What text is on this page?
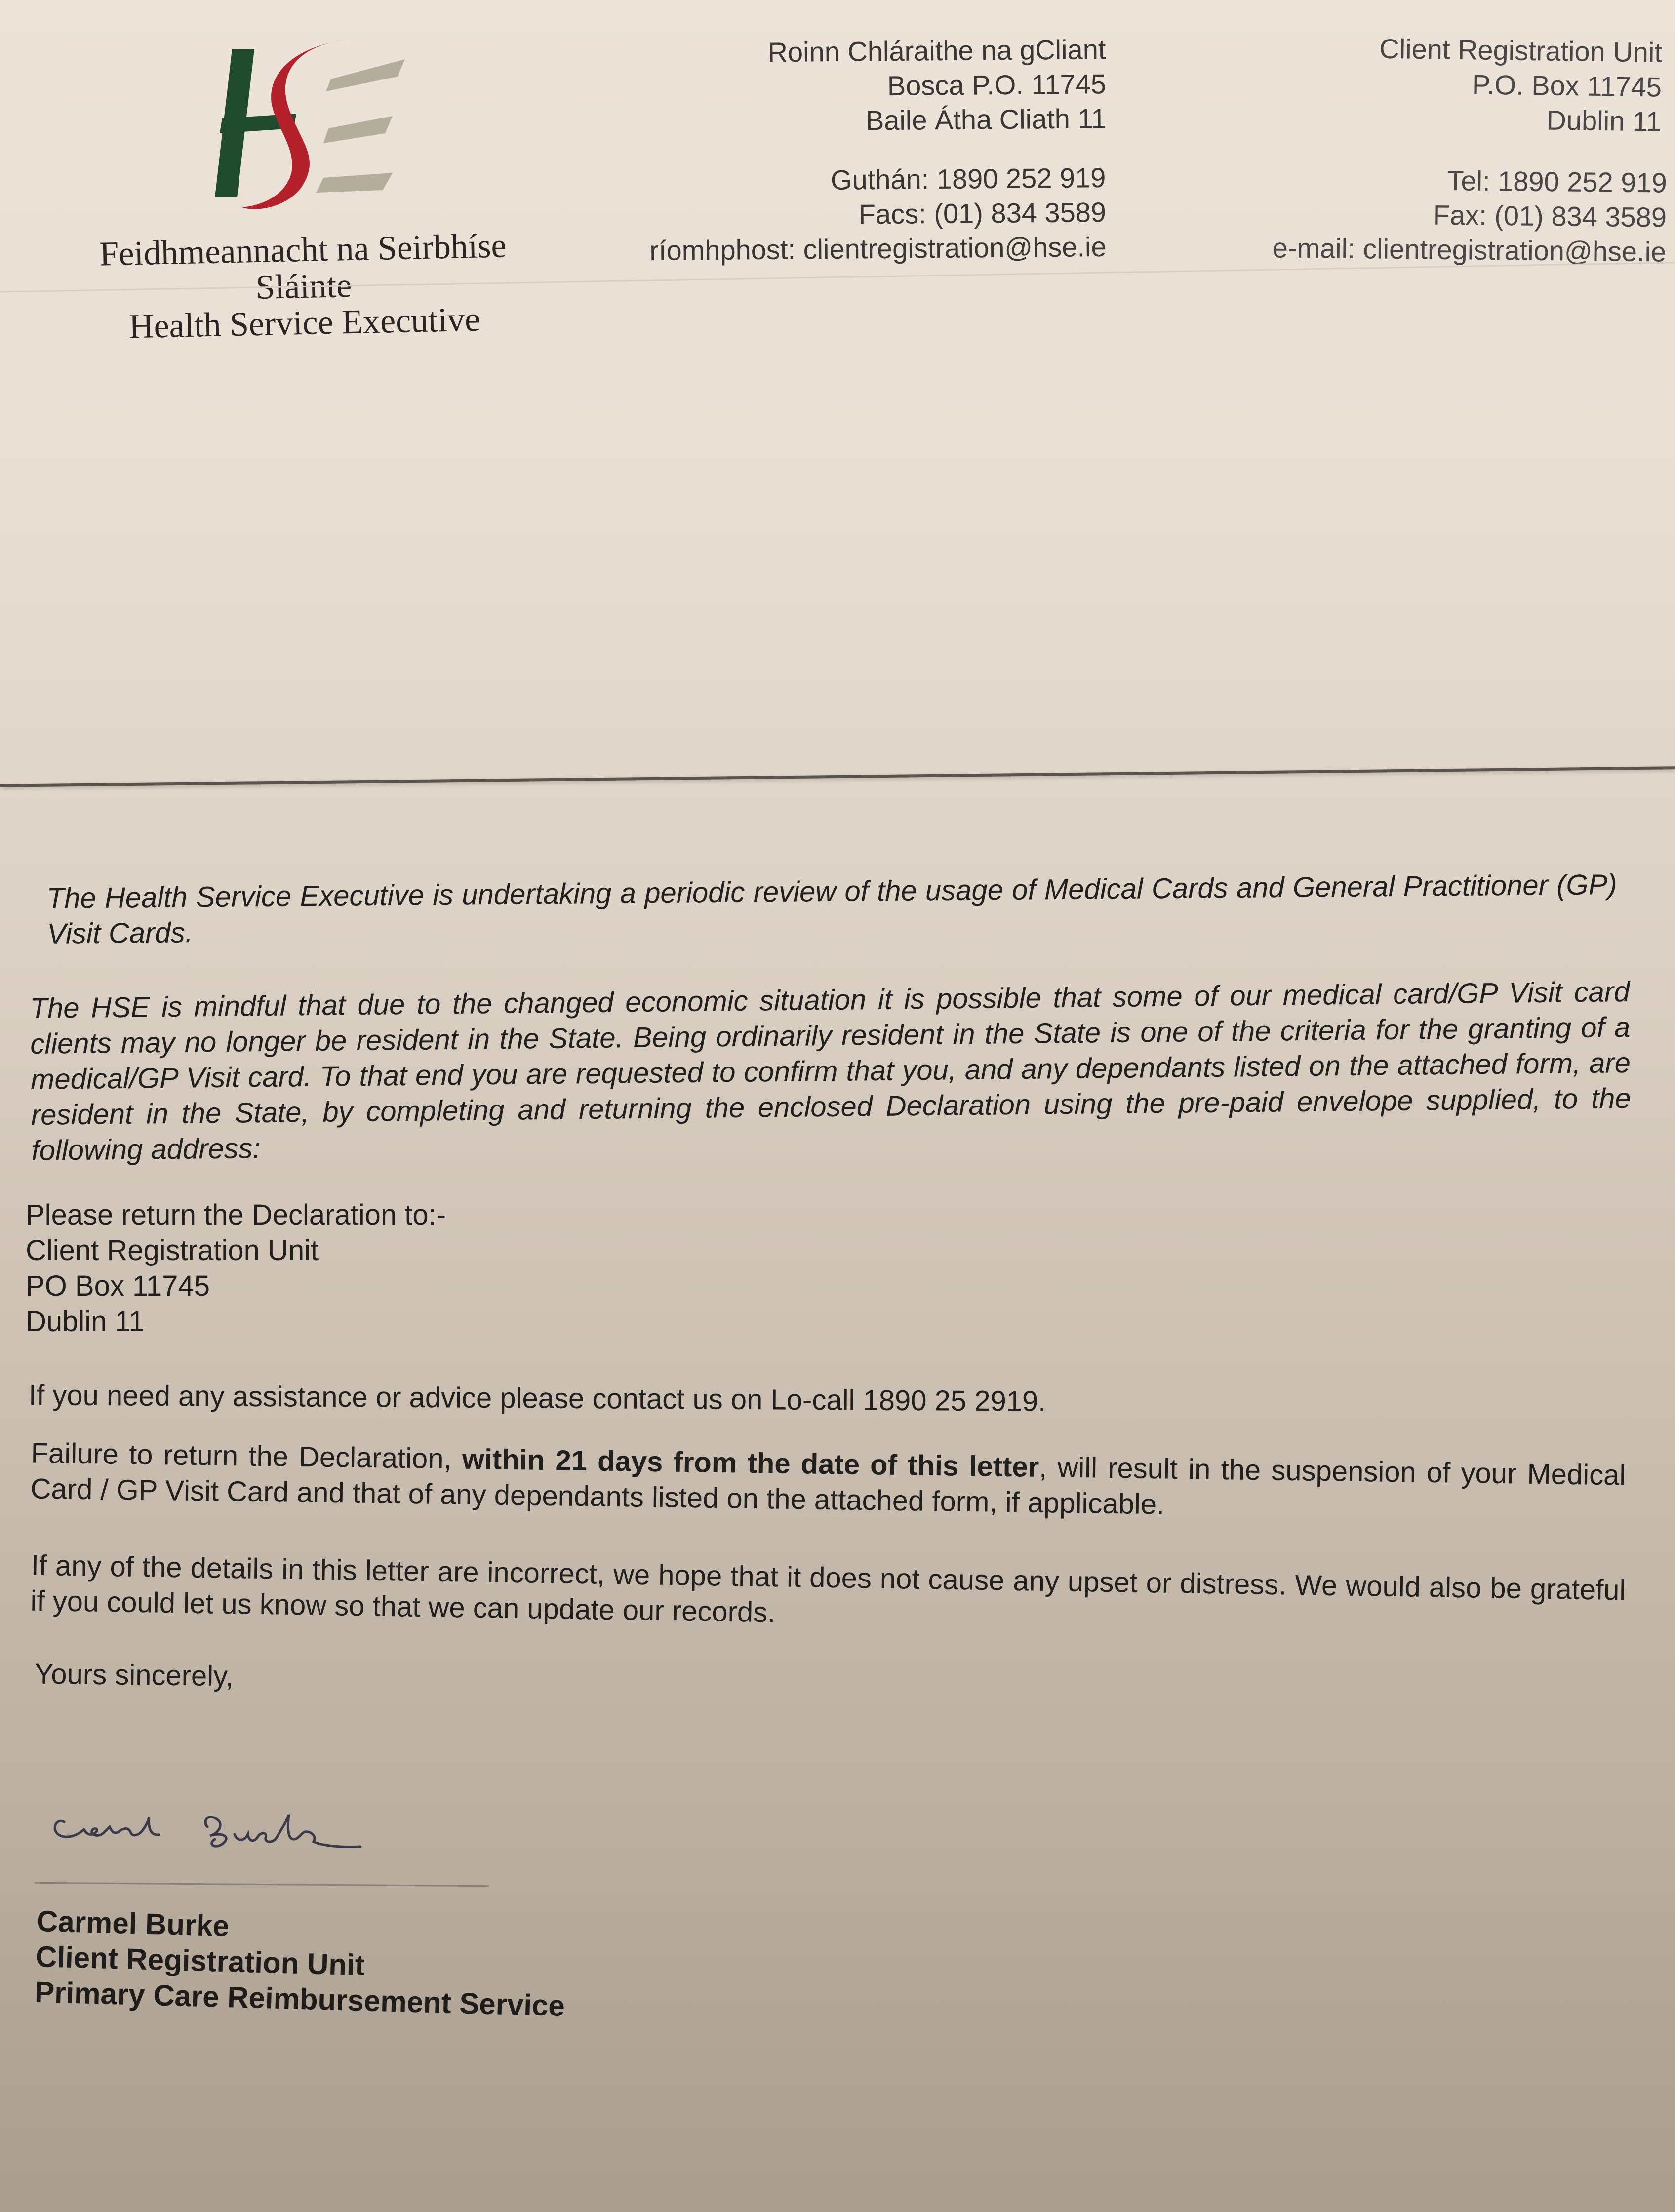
Feidhmeannacht na Seirbhíse Sláinte
Health Service Executive
Roinn Chláraithe na gCliant
Bosca P.O. 11745
Baile Átha Cliath 11
Guthán: 1890 252 919
Facs: (01) 834 3589
ríomhphost: clientregistration@hse.ie
Client Registration Unit
P.O. Box 11745
Dublin 11
Tel: 1890 252 919
Fax: (01) 834 3589
e-mail: clientregistration@hse.ie

The Health Service Executive is undertaking a periodic review of the usage of Medical Cards and General Practitioner (GP) Visit Cards.

The HSE is mindful that due to the changed economic situation it is possible that some of our medical card/GP Visit card clients may no longer be resident in the State. Being ordinarily resident in the State is one of the criteria for the granting of a medical/GP Visit card. To that end you are requested to confirm that you, and any dependants listed on the attached form, are resident in the State, by completing and returning the enclosed Declaration using the pre-paid envelope supplied, to the following address:

Please return the Declaration to:-
Client Registration Unit
PO Box 11745
Dublin 11

If you need any assistance or advice please contact us on Lo-call 1890 25 2919.

Failure to return the Declaration, within 21 days from the date of this letter, will result in the suspension of your Medical Card / GP Visit Card and that of any dependants listed on the attached form, if applicable.

If any of the details in this letter are incorrect, we hope that it does not cause any upset or distress. We would also be grateful if you could let us know so that we can update our records.

Yours sincerely,

Carmel Burke
Client Registration Unit
Primary Care Reimbursement Service
